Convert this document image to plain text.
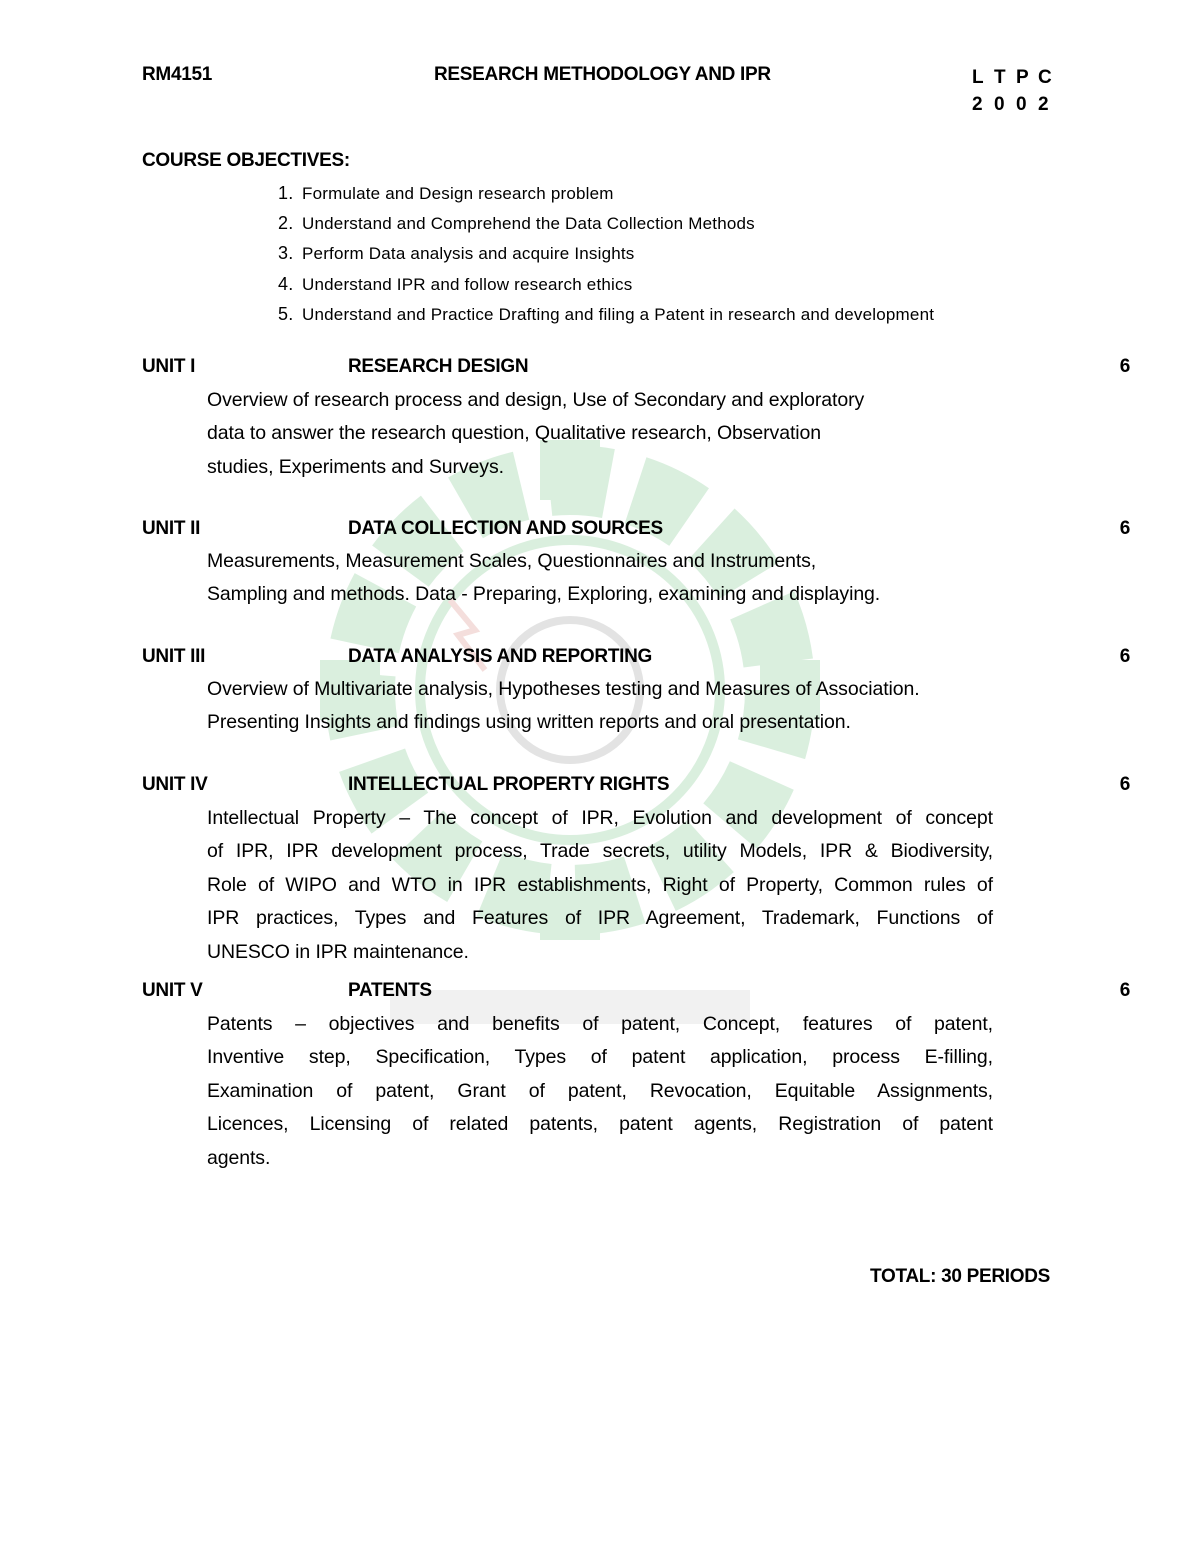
RM4151	RESEARCH METHODOLOGY AND IPR	L T P C
2 0 0 2
COURSE OBJECTIVES:
1. Formulate and Design research problem
2. Understand and Comprehend the Data Collection Methods
3. Perform Data analysis and acquire Insights
4. Understand IPR and follow research ethics
5. Understand and Practice Drafting and filing a Patent in research and development
UNIT I	RESEARCH DESIGN	6

Overview of research process and design, Use of Secondary and exploratory

data to answer the research question, Qualitative research, Observation

studies, Experiments and Surveys.

UNIT II	DATA COLLECTION AND SOURCES	6

Measurements, Measurement Scales, Questionnaires and Instruments,

Sampling and methods. Data - Preparing, Exploring, examining and displaying.

UNIT III	DATA ANALYSIS AND REPORTING	6

Overview of Multivariate analysis, Hypotheses testing and Measures of Association.

Presenting Insights and findings using written reports and oral presentation.

UNIT IV	INTELLECTUAL PROPERTY RIGHTS	6

Intellectual Property – The concept of IPR, Evolution and development of concept

of IPR, IPR development process, Trade secrets, utility Models, IPR & Biodiversity,

Role of WIPO and WTO in IPR establishments, Right of Property, Common rules of

IPR practices, Types and Features of IPR Agreement, Trademark, Functions of

UNESCO in IPR maintenance.

UNIT V	PATENTS	6

Patents – objectives and benefits of patent, Concept, features of patent,

Inventive step, Specification, Types of patent application, process E-filling,

Examination of patent, Grant of patent, Revocation, Equitable Assignments,

Licences, Licensing of related patents, patent agents, Registration of patent

agents.

TOTAL: 30 PERIODS
